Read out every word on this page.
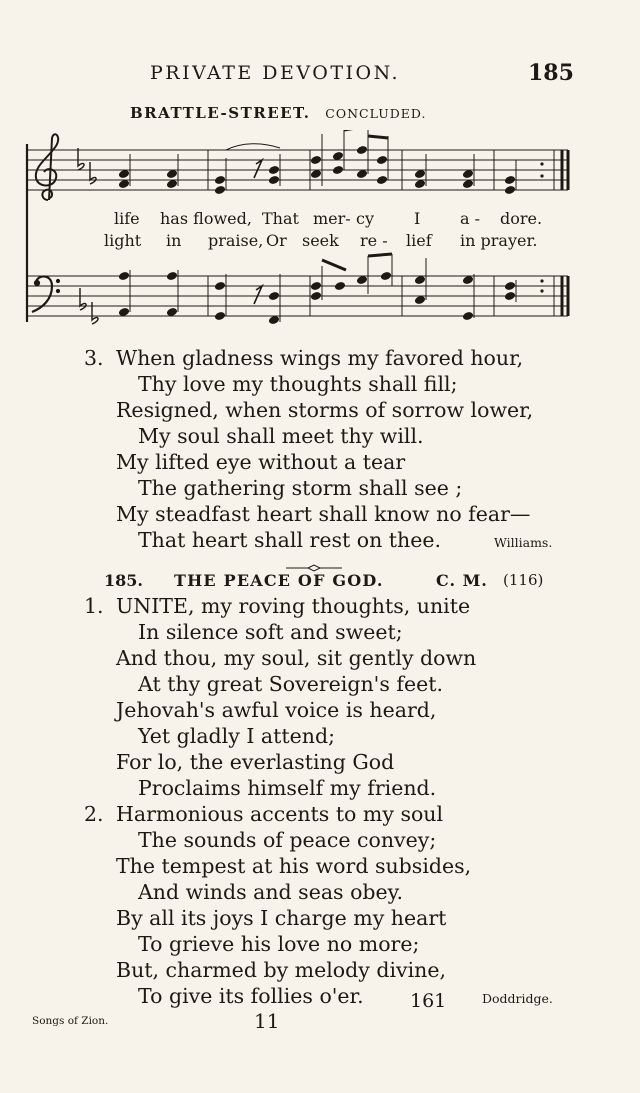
PRIVATE DEVOTION.	185
BRATTLE-STREET. CONCLUDED.
life has flowed, That mer- cy	I a - dore.
light in praise, Or seek re - lief in prayer.
3. When gladness wings my favored hour,
Thy love my thoughts shall fill;
Resigned, when storms of sorrow lower,
My soul shall meet thy will.
My lifted eye without a tear
The gathering storm shall see ;
My steadfast heart shall know no fear—
That heart shall rest on thee.	Williams.
185. THE PEACE OF GOD.	C. M. (116)
1. UNITE, my roving thoughts, unite
In silence soft and sweet;
And thou, my soul, sit gently down
At thy great Sovereign's feet.
Jehovah's awful voice is heard,
Yet gladly I attend;
For lo, the everlasting God
Proclaims himself my friend.
2. Harmonious accents to my soul
The sounds of peace convey;
The tempest at his word subsides,
And winds and seas obey.
By all its joys I charge my heart
To grieve his love no more;
But, charmed by melody divine,
To give its follies o'er.	Doddridge.
161
Songs of Zion.	11
